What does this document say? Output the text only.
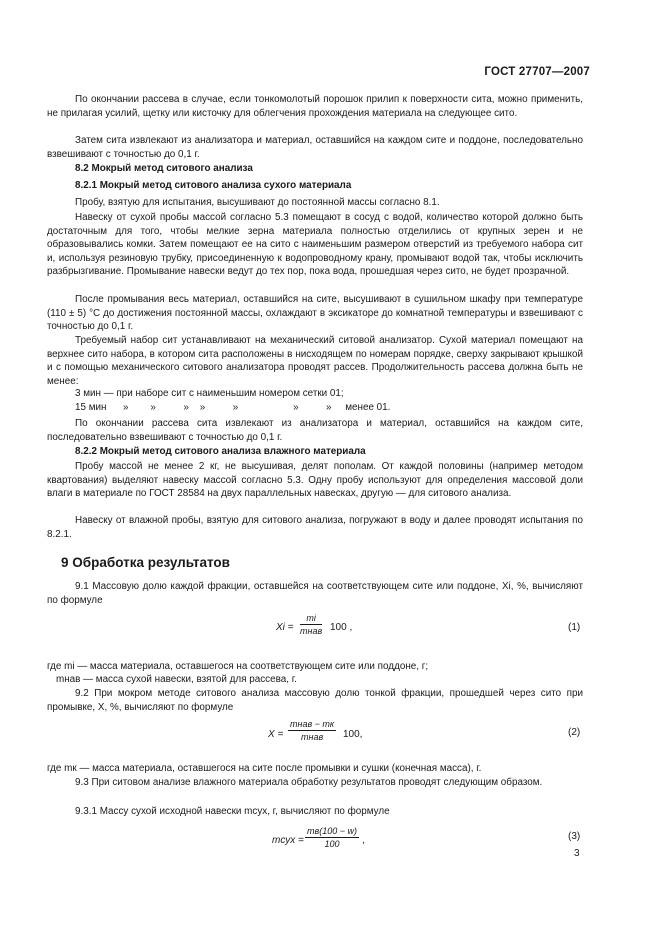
ГОСТ 27707—2007

По окончании рассева в случае, если тонкомолотый порошок прилип к поверхности сита, можно применить, не прилагая усилий, щетку или кисточку для облегчения прохождения материала на следующее сито.

Затем сита извлекают из анализатора и материал, оставшийся на каждом сите и поддоне, последовательно взвешивают с точностью до 0,1 г.

8.2 Мокрый метод ситового анализа

8.2.1 Мокрый метод ситового анализа сухого материала

Пробу, взятую для испытания, высушивают до постоянной массы согласно 8.1.

Навеску от сухой пробы массой согласно 5.3 помещают в сосуд с водой, количество которой должно быть достаточным для того, чтобы мелкие зерна материала полностью отделились от крупных зерен и не образовывались комки. Затем помещают ее на сито с наименьшим размером отверстий из требуемого набора сит и, используя резиновую трубку, присоединенную к водопроводному крану, промывают водой так, чтобы исключить разбрызгивание. Промывание навески ведут до тех пор, пока вода, прошедшая через сито, не будет прозрачной.

После промывания весь материал, оставшийся на сите, высушивают в сушильном шкафу при температуре (110 ± 5) °С до достижения постоянной массы, охлаждают в эксикаторе до комнатной температуры и взвешивают с точностью до 0,1 г.

Требуемый набор сит устанавливают на механический ситовой анализатор. Сухой материал помещают на верхнее сито набора, в котором сита расположены в нисходящем по номерам порядке, сверху закрывают крышкой и с помощью механического ситового анализатора проводят рассев. Продолжительность рассева должна быть не менее:

3 мин — при наборе сит с наименьшим номером сетки 01;
15 мин      »        »          »    »          »                    »          »     менее 01.

По окончании рассева сита извлекают из анализатора и материал, оставшийся на каждом сите, последовательно взвешивают с точностью до 0,1 г.

8.2.2 Мокрый метод ситового анализа влажного материала

Пробу массой не менее 2 кг, не высушивая, делят пополам. От каждой половины (например методом квартования) выделяют навеску массой согласно 5.3. Одну пробу используют для определения массовой доли влаги в материале по ГОСТ 28584 на двух параллельных навесках, другую — для ситового анализа.

Навеску от влажной пробы, взятую для ситового анализа, погружают в воду и далее проводят испытания по 8.2.1.

9 Обработка результатов

9.1 Массовую долю каждой фракции, оставшейся на соответствующем сите или поддоне, Xi, %, вычисляют по формуле

Xi =
mi
mнав 100 ,	(1)

где mi — масса материала, оставшегося на соответствующем сите или поддоне, г;

mнав — масса сухой навески, взятой для рассева, г.

9.2 При мокром методе ситового анализа массовую долю тонкой фракции, прошедшей через сито при промывке, X, %, вычисляют по формуле

X =
mнав − mк
mнав	100,	(2)

где mк — масса материала, оставшегося на сите после промывки и сушки (конечная масса), г.

9.3 При ситовом анализе влажного материала обработку результатов проводят следующим образом.

9.3.1 Массу сухой исходной навески mсух, г, вычисляют по формуле

mсух =
mв(100 − w)
100	,	(3)
3
